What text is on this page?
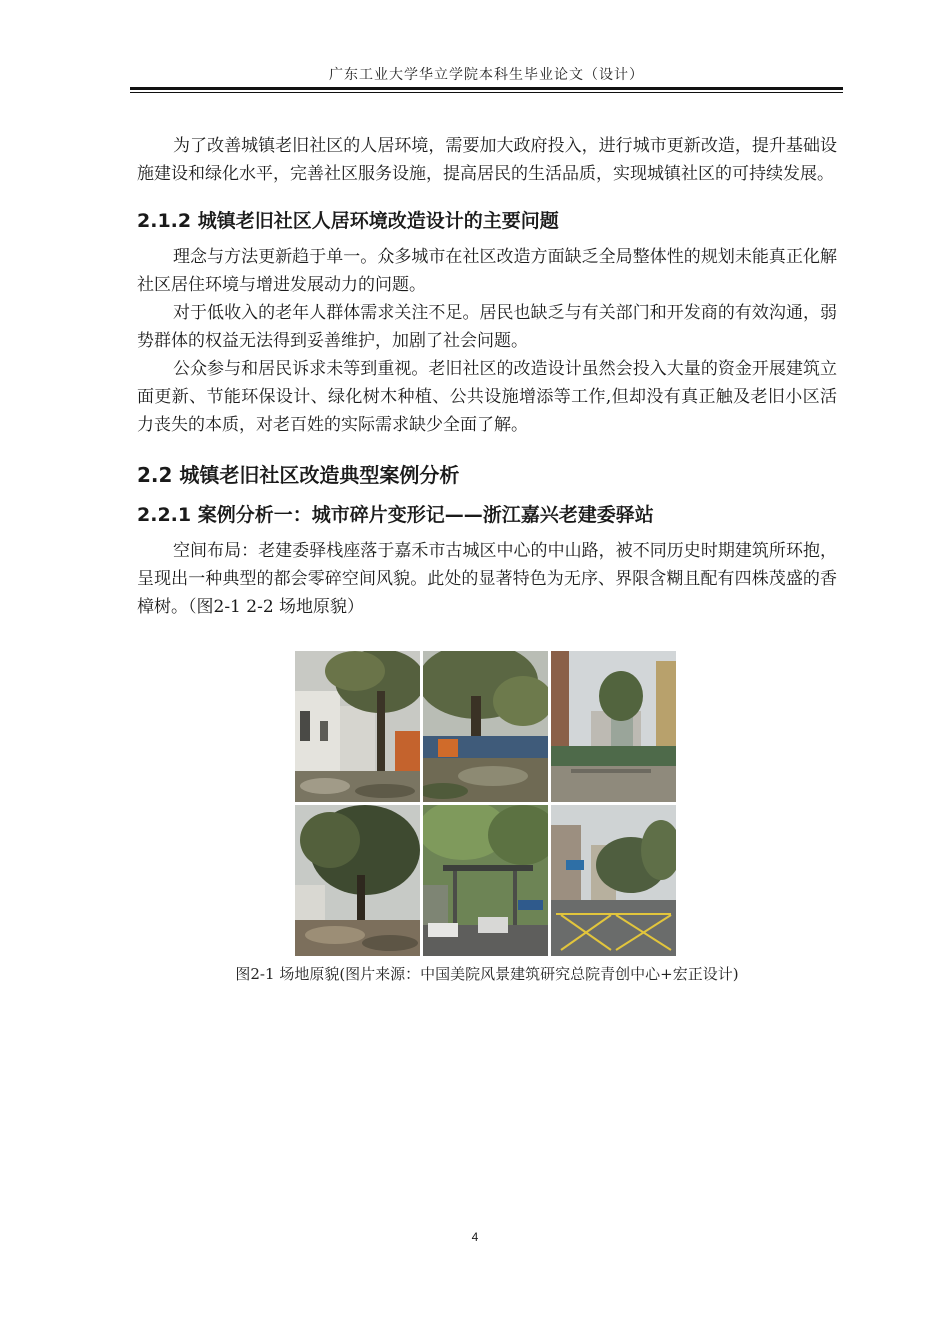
广东工业大学华立学院本科生毕业论文（设计）

为了改善城镇老旧社区的人居环境，需要加大政府投入，进行城市更新改造，提升基础设施建设和绿化水平，完善社区服务设施，提高居民的生活品质，实现城镇社区的可持续发展。

2.1.2 城镇老旧社区人居环境改造设计的主要问题

理念与方法更新趋于单一。众多城市在社区改造方面缺乏全局整体性的规划未能真正化解社区居住环境与增进发展动力的问题。

对于低收入的老年人群体需求关注不足。居民也缺乏与有关部门和开发商的有效沟通，弱势群体的权益无法得到妥善维护，加剧了社会问题。

公众参与和居民诉求未等到重视。老旧社区的改造设计虽然会投入大量的资金开展建筑立面更新、节能环保设计、绿化树木种植、公共设施增添等工作,但却没有真正触及老旧小区活力丧失的本质，对老百姓的实际需求缺少全面了解。

2.2 城镇老旧社区改造典型案例分析
2.2.1 案例分析一：城市碎片变形记——浙江嘉兴老建委驿站

空间布局：老建委驿栈座落于嘉禾市古城区中心的中山路，被不同历史时期建筑所环抱，呈现出一种典型的都会零碎空间风貌。此处的显著特色为无序、界限含糊且配有四株茂盛的香樟树。（图2-1 2-2 场地原貌）

图2-1 场地原貌(图片来源：中国美院风景建筑研究总院青创中心+宏正设计)
4
